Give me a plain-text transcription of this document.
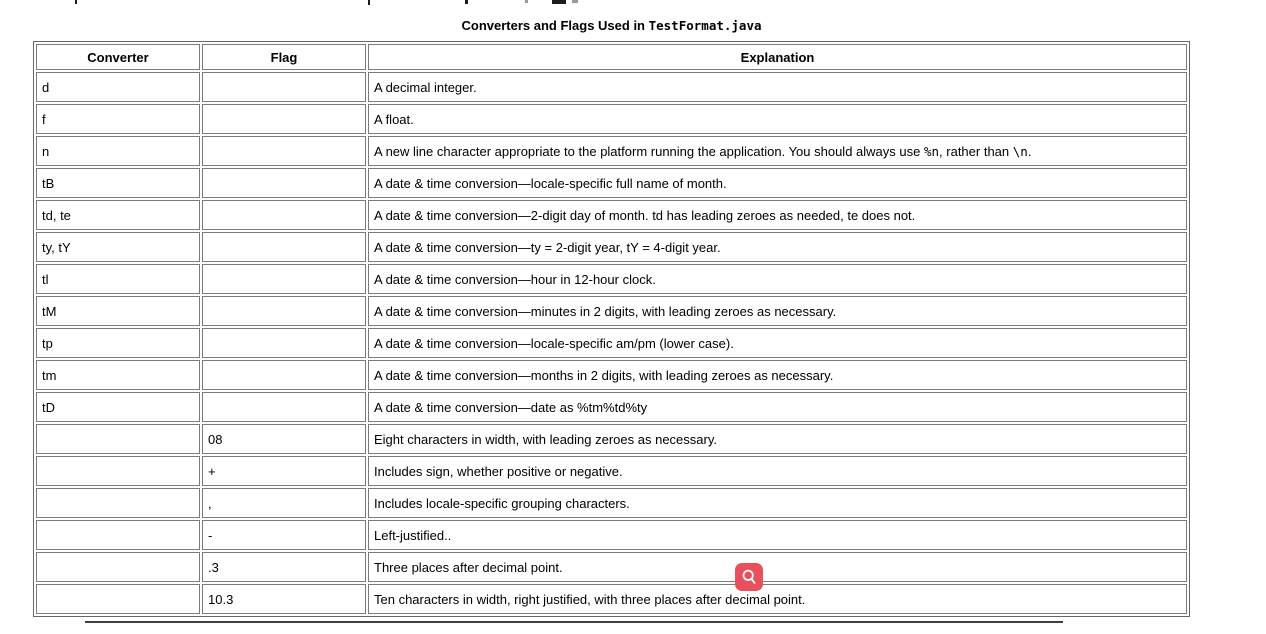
Converters and Flags Used in TestFormat.java
Converter	Flag	Explanation
d		A decimal integer.
f		A float.
n		A new line character appropriate to the platform running the application. You should always use %n, rather than \n.
tB		A date & time conversion—locale-specific full name of month.
td, te		A date & time conversion—2-digit day of month. td has leading zeroes as needed, te does not.
ty, tY		A date & time conversion—ty = 2-digit year, tY = 4-digit year.
tl		A date & time conversion—hour in 12-hour clock.
tM		A date & time conversion—minutes in 2 digits, with leading zeroes as necessary.
tp		A date & time conversion—locale-specific am/pm (lower case).
tm		A date & time conversion—months in 2 digits, with leading zeroes as necessary.
tD		A date & time conversion—date as %tm%td%ty
	08	Eight characters in width, with leading zeroes as necessary.
	+	Includes sign, whether positive or negative.
	,	Includes locale-specific grouping characters.
	-	Left-justified..
	.3	Three places after decimal point.
	10.3	Ten characters in width, right justified, with three places after decimal point.
